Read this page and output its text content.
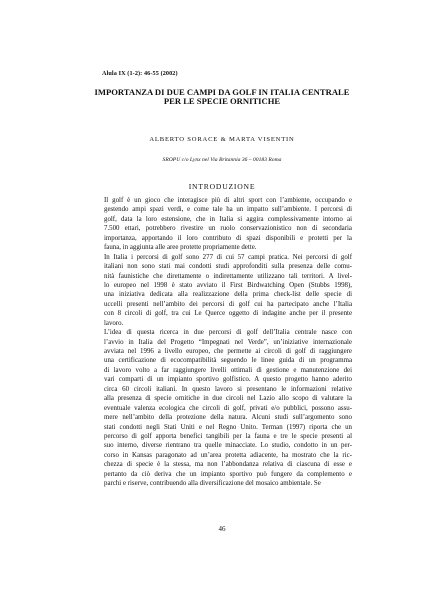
Alula IX (1-2): 46-55 (2002)
IMPORTANZA DI DUE CAMPI DA GOLF IN ITALIA CENTRALE
PER LE SPECIE ORNITICHE
ALBERTO SORACE & MARTA VISENTIN
SROPU c/o Lynx nel Via Britannia 36 – 00183 Roma
INTRODUZIONE
Il golf è un gioco che interagisce più di altri sport con l’ambiente, occupando e
gestendo ampi spazi verdi, e come tale ha un impatto sull’ambiente. I percorsi di
golf, data la loro estensione, che in Italia si aggira complessivamente intorno ai
7.500 ettari, potrebbero rivestire un ruolo conservazionistico non di secondaria
importanza, apportando il loro contributo di spazi disponibili e protetti per la
fauna, in aggiunta alle aree protette propriamente dette.
In Italia i percorsi di golf sono 277 di cui 57 campi pratica. Nei percorsi di golf
italiani non sono stati mai condotti studi approfonditi sulla presenza delle comu-
nità faunistiche che direttamente o indirettamente utilizzano tali territori. A livel-
lo europeo nel 1998 è stato avviato il First Birdwatching Open (Stubbs 1998),
una iniziativa dedicata alla realizzazione della prima check-list delle specie di
uccelli presenti nell’ambito dei percorsi di golf cui ha partecipato anche l’Italia
con 8 circoli di golf, tra cui Le Querce oggetto di indagine anche per il presente
lavoro.
L’idea di questa ricerca in due percorsi di golf dell’Italia centrale nasce con
l’avvio in Italia del Progetto “Impegnati nel Verde”, un’iniziative internazionale
avviata nel 1996 a livello europeo, che permette ai circoli di golf di raggiungere
una certificazione di ecocompatibilità seguendo le linee guida di un programma
di lavoro volto a far raggiungere livelli ottimali di gestione e manutenzione dei
vari comparti di un impianto sportivo golfistico. A questo progetto hanno aderito
circa 60 circoli italiani. In questo lavoro si presentano le informazioni relative
alla presenza di specie ornitiche in due circoli nel Lazio allo scopo di valutare la
eventuale valenza ecologica che circoli di golf, privati e/o pubblici, possono assu-
mere nell’ambito della protezione della natura. Alcuni studi sull’argomento sono
stati condotti negli Stati Uniti e nel Regno Unito. Terman (1997) riporta che un
percorso di golf apporta benefici tangibili per la fauna e tre le specie presenti al
suo interno, diverse rientrano tra quelle minacciate. Lo studio, condotto in un per-
corso in Kansas paragonato ad un’area protetta adiacente, ha mostrato che la ric-
chezza di specie è la stessa, ma non l’abbondanza relativa di ciascuna di esse e
pertanto da ciò deriva che un impianto sportivo può fungere da complemento e
parchi e riserve, contribuendo alla diversificazione del mosaico ambientale. Se
46
